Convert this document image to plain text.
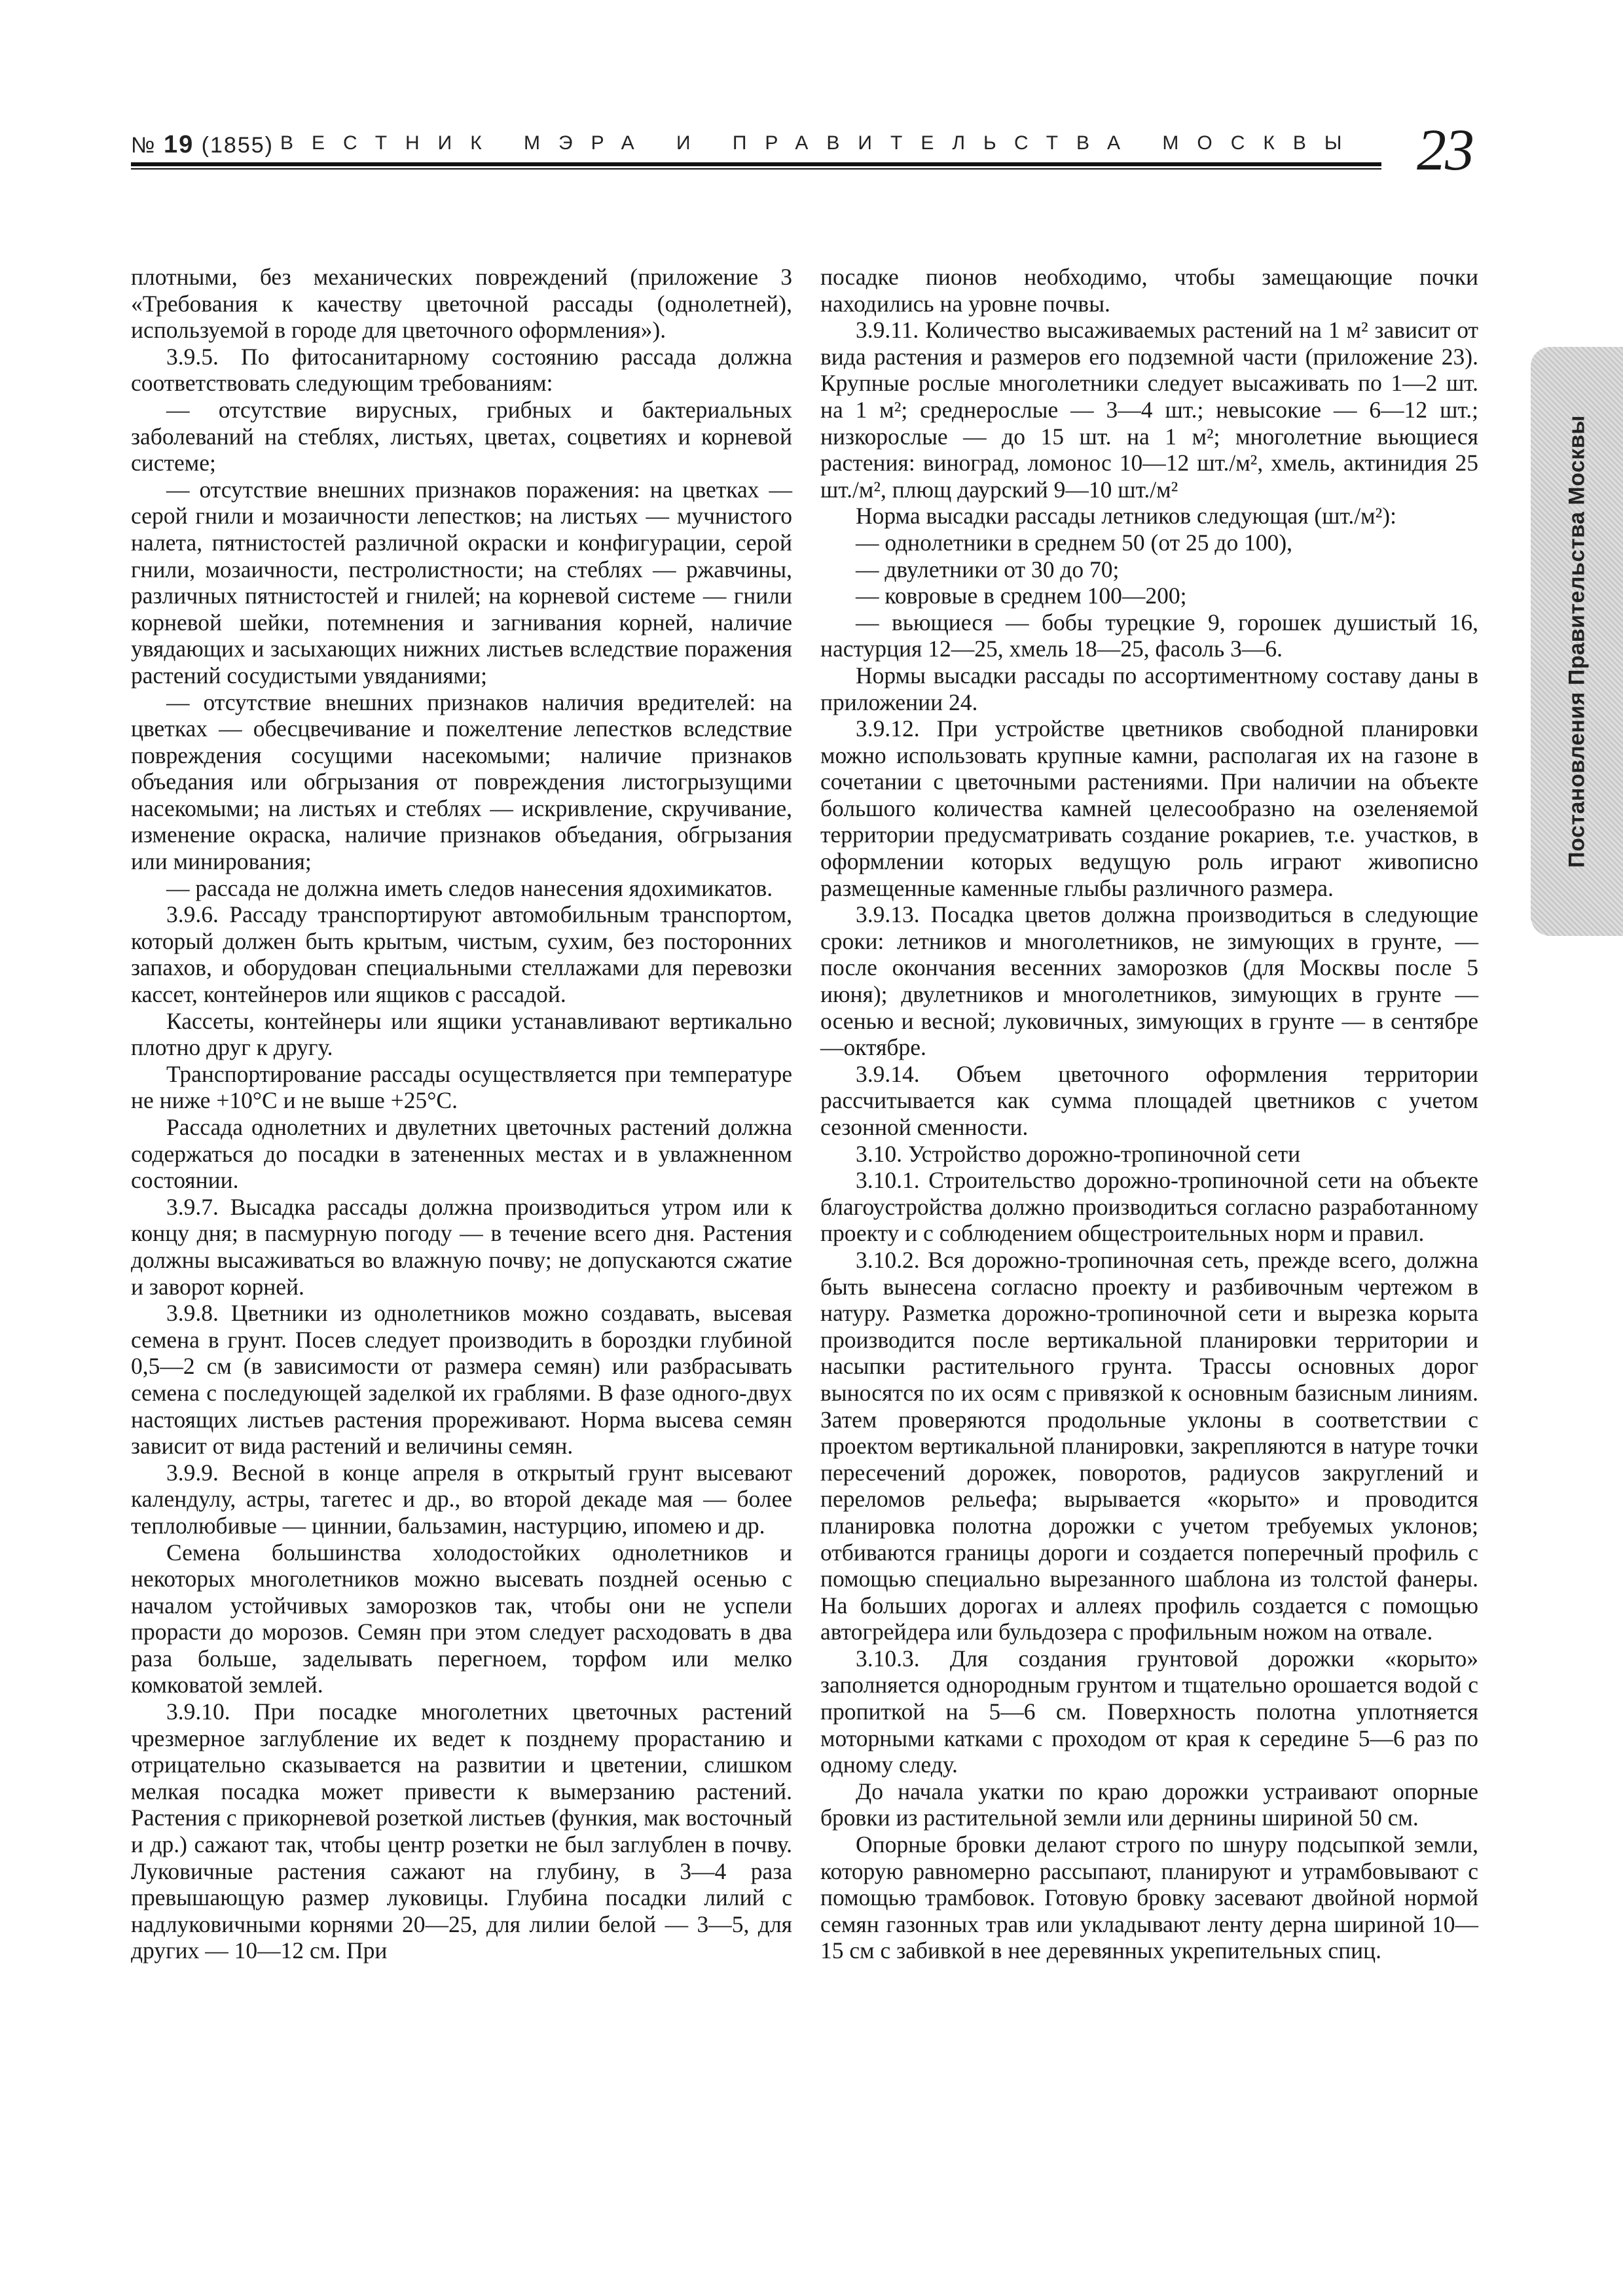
№ 19 (1855) ВЕСТНИК МЭРА И ПРАВИТЕЛЬСТВА МОСКВЫ 23

плотными, без механических повреждений (приложение 3 «Требования к качеству цветочной рассады (однолетней), используемой в городе для цветочного оформления»).

3.9.5. По фитосанитарному состоянию рассада должна соответствовать следующим требованиям:

— отсутствие вирусных, грибных и бактериальных заболеваний на стеблях, листьях, цветах, соцветиях и корневой системе;

— отсутствие внешних признаков поражения: на цветках — серой гнили и мозаичности лепестков; на листьях — мучнистого налета, пятнистостей различной окраски и конфигурации, серой гнили, мозаичности, пестролистности; на стеблях — ржавчины, различных пятнистостей и гнилей; на корневой системе — гнили корневой шейки, потемнения и загнивания корней, наличие увядающих и засыхающих нижних листьев вследствие поражения растений сосудистыми увяданиями;

— отсутствие внешних признаков наличия вредителей: на цветках — обесцвечивание и пожелтение лепестков вследствие повреждения сосущими насекомыми; наличие признаков объедания или обгрызания от повреждения листогрызущими насекомыми; на листьях и стеблях — искривление, скручивание, изменение окраска, наличие признаков объедания, обгрызания или минирования;

— рассада не должна иметь следов нанесения ядохимикатов.

3.9.6. Рассаду транспортируют автомобильным транспортом, который должен быть крытым, чистым, сухим, без посторонних запахов, и оборудован специальными стеллажами для перевозки кассет, контейнеров или ящиков с рассадой.

Кассеты, контейнеры или ящики устанавливают вертикально плотно друг к другу.

Транспортирование рассады осуществляется при температуре не ниже +10°С и не выше +25°С.

Рассада однолетних и двулетних цветочных растений должна содержаться до посадки в затененных местах и в увлажненном состоянии.

3.9.7. Высадка рассады должна производиться утром или к концу дня; в пасмурную погоду — в течение всего дня. Растения должны высаживаться во влажную почву; не допускаются сжатие и заворот корней.

3.9.8. Цветники из однолетников можно создавать, высевая семена в грунт. Посев следует производить в бороздки глубиной 0,5—2 см (в зависимости от размера семян) или разбрасывать семена с последующей заделкой их граблями. В фазе одного-двух настоящих листьев растения прореживают. Норма высева семян зависит от вида растений и величины семян.

3.9.9. Весной в конце апреля в открытый грунт высевают календулу, астры, тагетес и др., во второй декаде мая — более теплолюбивые — циннии, бальзамин, настурцию, ипомею и др.

Семена большинства холодостойких однолетников и некоторых многолетников можно высевать поздней осенью с началом устойчивых заморозков так, чтобы они не успели прорасти до морозов. Семян при этом следует расходовать в два раза больше, заделывать перегноем, торфом или мелко комковатой землей.

3.9.10. При посадке многолетних цветочных растений чрезмерное заглубление их ведет к позднему прорастанию и отрицательно сказывается на развитии и цветении, слишком мелкая посадка может привести к вымерзанию растений. Растения с прикорневой розеткой листьев (функия, мак восточный и др.) сажают так, чтобы центр розетки не был заглублен в почву. Луковичные растения сажают на глубину, в 3—4 раза превышающую размер луковицы. Глубина посадки лилий с надлуковичными корнями 20—25, для лилии белой — 3—5, для других — 10—12 см. При

посадке пионов необходимо, чтобы замещающие почки находились на уровне почвы.

3.9.11. Количество высаживаемых растений на 1 м² зависит от вида растения и размеров его подземной части (приложение 23). Крупные рослые многолетники следует высаживать по 1—2 шт. на 1 м²; среднерослые — 3—4 шт.; невысокие — 6—12 шт.; низкорослые — до 15 шт. на 1 м²; многолетние вьющиеся растения: виноград, ломонос 10—12 шт./м², хмель, актинидия 25 шт./м², плющ даурский 9—10 шт./м²

Норма высадки рассады летников следующая (шт./м²):

— однолетники в среднем 50 (от 25 до 100),

— двулетники от 30 до 70;

— ковровые в среднем 100—200;

— вьющиеся — бобы турецкие 9, горошек душистый 16, настурция 12—25, хмель 18—25, фасоль 3—6.

Нормы высадки рассады по ассортиментному составу даны в приложении 24.

3.9.12. При устройстве цветников свободной планировки можно использовать крупные камни, располагая их на газоне в сочетании с цветочными растениями. При наличии на объекте большого количества камней целесообразно на озеленяемой территории предусматривать создание рокариев, т.е. участков, в оформлении которых ведущую роль играют живописно размещенные каменные глыбы различного размера.

3.9.13. Посадка цветов должна производиться в следующие сроки: летников и многолетников, не зимующих в грунте, — после окончания весенних заморозков (для Москвы после 5 июня); двулетников и многолетников, зимующих в грунте — осенью и весной; луковичных, зимующих в грунте — в сентябре—октябре.

3.9.14. Объем цветочного оформления территории рассчитывается как сумма площадей цветников с учетом сезонной сменности.

3.10. Устройство дорожно-тропиночной сети

3.10.1. Строительство дорожно-тропиночной сети на объекте благоустройства должно производиться согласно разработанному проекту и с соблюдением общестроительных норм и правил.

3.10.2. Вся дорожно-тропиночная сеть, прежде всего, должна быть вынесена согласно проекту и разбивочным чертежом в натуру. Разметка дорожно-тропиночной сети и вырезка корыта производится после вертикальной планировки территории и насыпки растительного грунта. Трассы основных дорог выносятся по их осям с привязкой к основным базисным линиям. Затем проверяются продольные уклоны в соответствии с проектом вертикальной планировки, закрепляются в натуре точки пересечений дорожек, поворотов, радиусов закруглений и переломов рельефа; вырывается «корыто» и проводится планировка полотна дорожки с учетом требуемых уклонов; отбиваются границы дороги и создается поперечный профиль с помощью специально вырезанного шаблона из толстой фанеры. На больших дорогах и аллеях профиль создается с помощью автогрейдера или бульдозера с профильным ножом на отвале.

3.10.3. Для создания грунтовой дорожки «корыто» заполняется однородным грунтом и тщательно орошается водой с пропиткой на 5—6 см. Поверхность полотна уплотняется моторными катками с проходом от края к середине 5—6 раз по одному следу.

До начала укатки по краю дорожки устраивают опорные бровки из растительной земли или дернины шириной 50 см.

Опорные бровки делают строго по шнуру подсыпкой земли, которую равномерно рассыпают, планируют и утрамбовывают с помощью трамбовок. Готовую бровку засевают двойной нормой семян газонных трав или укладывают ленту дерна шириной 10—15 см с забивкой в нее деревянных укрепительных спиц.

Постановления Правительства Москвы
